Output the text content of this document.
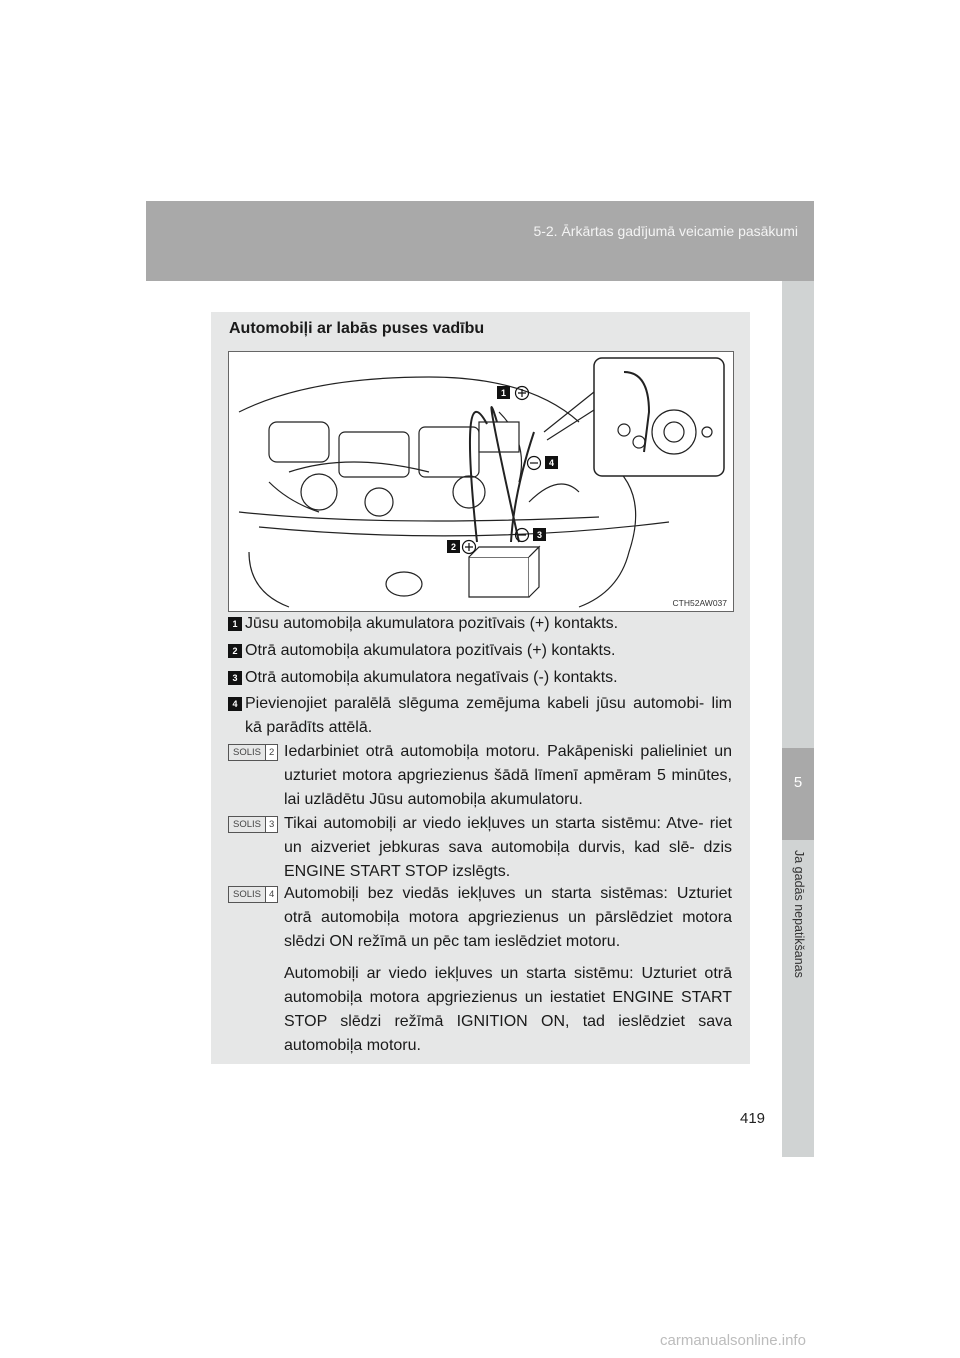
5-2. Ārkārtas gadījumā veicamie pasākumi
5
Ja gadās nepatikšanas
Automobiļi ar labās puses vadību
1
4
3
2
CTH52AW037
1 Jūsu automobiļa akumulatora pozitīvais (+) kontakts.
2 Otrā automobiļa akumulatora pozitīvais (+) kontakts.
3 Otrā automobiļa akumulatora negatīvais (-) kontakts.
4 Pievienojiet paralēlā slēguma zemējuma kabeli jūsu automobi- lim kā parādīts attēlā.
SOLIS 2 Iedarbiniet otrā automobiļa motoru. Pakāpeniski palieliniet un uzturiet motora apgriezienus šādā līmenī apmēram 5 minūtes, lai uzlādētu Jūsu automobiļa akumulatoru.
SOLIS 3 Tikai automobiļi ar viedo iekļuves un starta sistēmu: Atve- riet un aizveriet jebkuras sava automobiļa durvis, kad slē- dzis ENGINE START STOP izslēgts.
SOLIS 4 Automobiļi bez viedās iekļuves un starta sistēmas: Uzturiet otrā automobiļa motora apgriezienus un pārslēdziet motora slēdzi ON režīmā un pēc tam ieslēdziet motoru.
Automobiļi ar viedo iekļuves un starta sistēmu: Uzturiet otrā automobiļa motora apgriezienus un iestatiet ENGINE START STOP slēdzi režīmā IGNITION ON, tad ieslēdziet sava automobiļa motoru.
419
carmanualsonline.info
